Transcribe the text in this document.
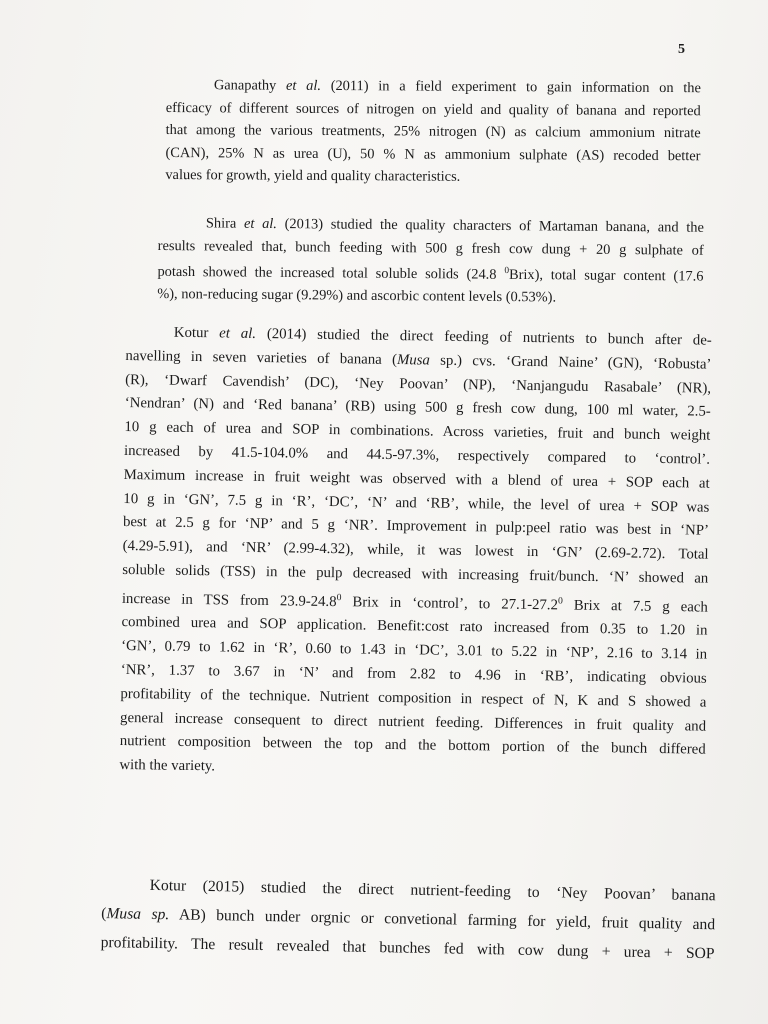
5
Ganapathy et al. (2011) in a field experiment to gain information on the
efficacy of different sources of nitrogen on yield and quality of banana and reported
that among the various treatments, 25% nitrogen (N) as calcium ammonium nitrate
(CAN), 25% N as urea (U), 50 % N as ammonium sulphate (AS) recoded better
values for growth, yield and quality characteristics.
Shira et al. (2013) studied the quality characters of Martaman banana, and the
results revealed that, bunch feeding with 500 g fresh cow dung + 20 g sulphate of
potash showed the increased total soluble solids (24.8 $^0$Brix), total sugar content (17.6
%), non-reducing sugar (9.29%) and ascorbic content levels (0.53%).
Kotur et al. (2014) studied the direct feeding of nutrients to bunch after de-
navelling in seven varieties of banana (Musa sp.) cvs. ‘Grand Naine’ (GN), ‘Robusta’
(R), ‘Dwarf Cavendish’ (DC), ‘Ney Poovan’ (NP), ‘Nanjangudu Rasabale’ (NR),
‘Nendran’ (N) and ‘Red banana’ (RB) using 500 g fresh cow dung, 100 ml water, 2.5-
10 g each of urea and SOP in combinations. Across varieties, fruit and bunch weight
increased by 41.5-104.0% and 44.5-97.3%, respectively compared to ‘control’.
Maximum increase in fruit weight was observed with a blend of urea + SOP each at
10 g in ‘GN’, 7.5 g in ‘R’, ‘DC’, ‘N’ and ‘RB’, while, the level of urea + SOP was
best at 2.5 g for ‘NP’ and 5 g ‘NR’. Improvement in pulp:peel ratio was best in ‘NP’
(4.29-5.91), and ‘NR’ (2.99-4.32), while, it was lowest in ‘GN’ (2.69-2.72). Total
soluble solids (TSS) in the pulp decreased with increasing fruit/bunch. ‘N’ showed an
increase in TSS from 23.9-24.8$^0$ Brix in ‘control’, to 27.1-27.2$^0$ Brix at 7.5 g each
combined urea and SOP application. Benefit:cost rato increased from 0.35 to 1.20 in
‘GN’, 0.79 to 1.62 in ‘R’, 0.60 to 1.43 in ‘DC’, 3.01 to 5.22 in ‘NP’, 2.16 to 3.14 in
‘NR’, 1.37 to 3.67 in ‘N’ and from 2.82 to 4.96 in ‘RB’, indicating obvious
profitability of the technique. Nutrient composition in respect of N, K and S showed a
general increase consequent to direct nutrient feeding. Differences in fruit quality and
nutrient composition between the top and the bottom portion of the bunch differed
with the variety.
Kotur (2015) studied the direct nutrient-feeding to ‘Ney Poovan’ banana
(Musa sp. AB) bunch under orgnic or convetional farming for yield, fruit quality and
profitability. The result revealed that bunches fed with cow dung + urea + SOP
